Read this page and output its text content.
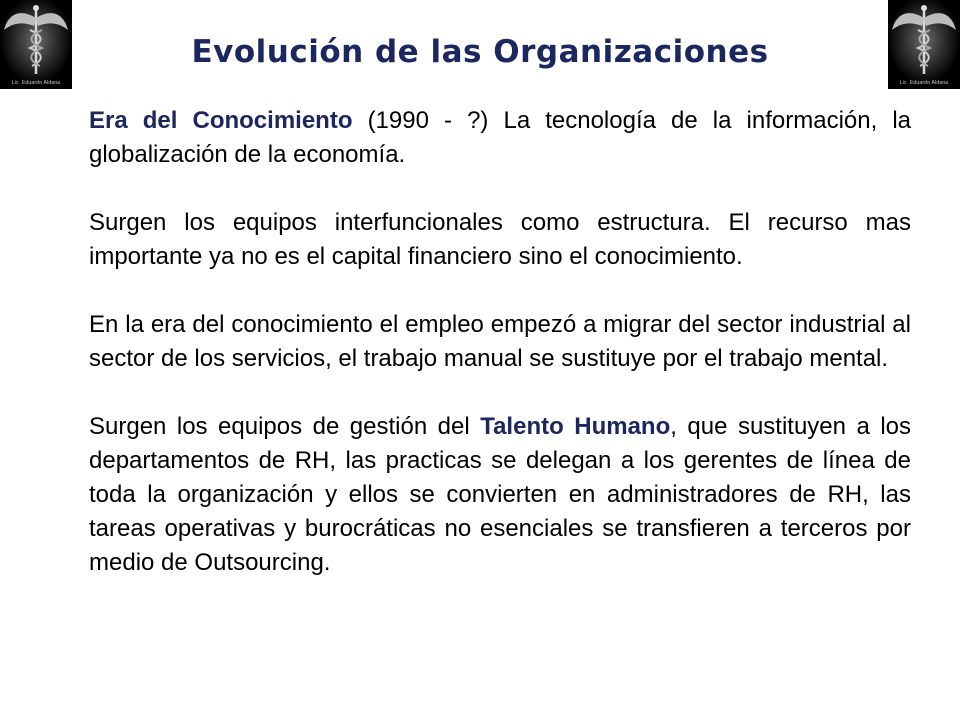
Lic. Eduardo Aldana	Lic. Eduardo Aldana
Evolución de las Organizaciones

Era del Conocimiento (1990 - ?) La tecnología de la información, la globalización de la economía.

Surgen los equipos interfuncionales como estructura. El recurso mas importante ya no es el capital financiero sino el conocimiento.

En la era del conocimiento el empleo empezó a migrar del sector industrial al sector de los servicios, el trabajo manual se sustituye por el trabajo mental.

Surgen los equipos de gestión del Talento Humano, que sustituyen a los departamentos de RH, las practicas se delegan a los gerentes de línea de toda la organización y ellos se convierten en administradores de RH, las tareas operativas y burocráticas no esenciales se transfieren a terceros por medio de Outsourcing.
